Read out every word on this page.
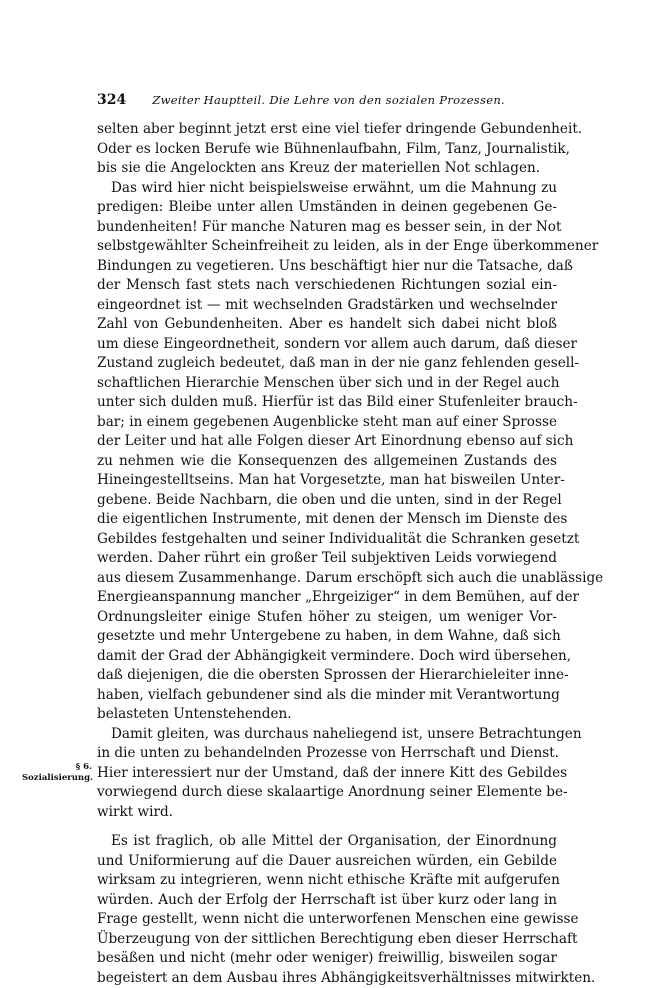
324 Zweiter Hauptteil. Die Lehre von den sozialen Prozessen.
§ 6.
Sozialisierung.
selten aber beginnt jetzt erst eine viel tiefer dringende Gebundenheit.
Oder es locken Berufe wie Bühnenlaufbahn, Film, Tanz, Journalistik,
bis sie die Angelockten ans Kreuz der materiellen Not schlagen.
Das wird hier nicht beispielsweise erwähnt, um die Mahnung zu
predigen: Bleibe unter allen Umständen in deinen gegebenen Ge-
bundenheiten! Für manche Naturen mag es besser sein, in der Not
selbstgewählter Scheinfreiheit zu leiden, als in der Enge überkommener
Bindungen zu vegetieren. Uns beschäftigt hier nur die Tatsache, daß
der Mensch fast stets nach verschiedenen Richtungen sozial ein-
eingeordnet ist — mit wechselnden Gradstärken und wechselnder
Zahl von Gebundenheiten. Aber es handelt sich dabei nicht bloß
um diese Eingeordnetheit, sondern vor allem auch darum, daß dieser
Zustand zugleich bedeutet, daß man in der nie ganz fehlenden gesell-
schaftlichen Hierarchie Menschen über sich und in der Regel auch
unter sich dulden muß. Hierfür ist das Bild einer Stufenleiter brauch-
bar; in einem gegebenen Augenblicke steht man auf einer Sprosse
der Leiter und hat alle Folgen dieser Art Einordnung ebenso auf sich
zu nehmen wie die Konsequenzen des allgemeinen Zustands des
Hineingestelltseins. Man hat Vorgesetzte, man hat bisweilen Unter-
gebene. Beide Nachbarn, die oben und die unten, sind in der Regel
die eigentlichen Instrumente, mit denen der Mensch im Dienste des
Gebildes festgehalten und seiner Individualität die Schranken gesetzt
werden. Daher rührt ein großer Teil subjektiven Leids vorwiegend
aus diesem Zusammenhange. Darum erschöpft sich auch die unablässige
Energieanspannung mancher „Ehrgeiziger“ in dem Bemühen, auf der
Ordnungsleiter einige Stufen höher zu steigen, um weniger Vor-
gesetzte und mehr Untergebene zu haben, in dem Wahne, daß sich
damit der Grad der Abhängigkeit vermindere. Doch wird übersehen,
daß diejenigen, die die obersten Sprossen der Hierarchieleiter inne-
haben, vielfach gebundener sind als die minder mit Verantwortung
belasteten Untenstehenden.
Damit gleiten, was durchaus naheliegend ist, unsere Betrachtungen
in die unten zu behandelnden Prozesse von Herrschaft und Dienst.
Hier interessiert nur der Umstand, daß der innere Kitt des Gebildes
vorwiegend durch diese skalaartige Anordnung seiner Elemente be-
wirkt wird.
Es ist fraglich, ob alle Mittel der Organisation, der Einordnung
und Uniformierung auf die Dauer ausreichen würden, ein Gebilde
wirksam zu integrieren, wenn nicht ethische Kräfte mit aufgerufen
würden. Auch der Erfolg der Herrschaft ist über kurz oder lang in
Frage gestellt, wenn nicht die unterworfenen Menschen eine gewisse
Überzeugung von der sittlichen Berechtigung eben dieser Herrschaft
besäßen und nicht (mehr oder weniger) freiwillig, bisweilen sogar
begeistert an dem Ausbau ihres Abhängigkeitsverhältnisses mitwirkten.
